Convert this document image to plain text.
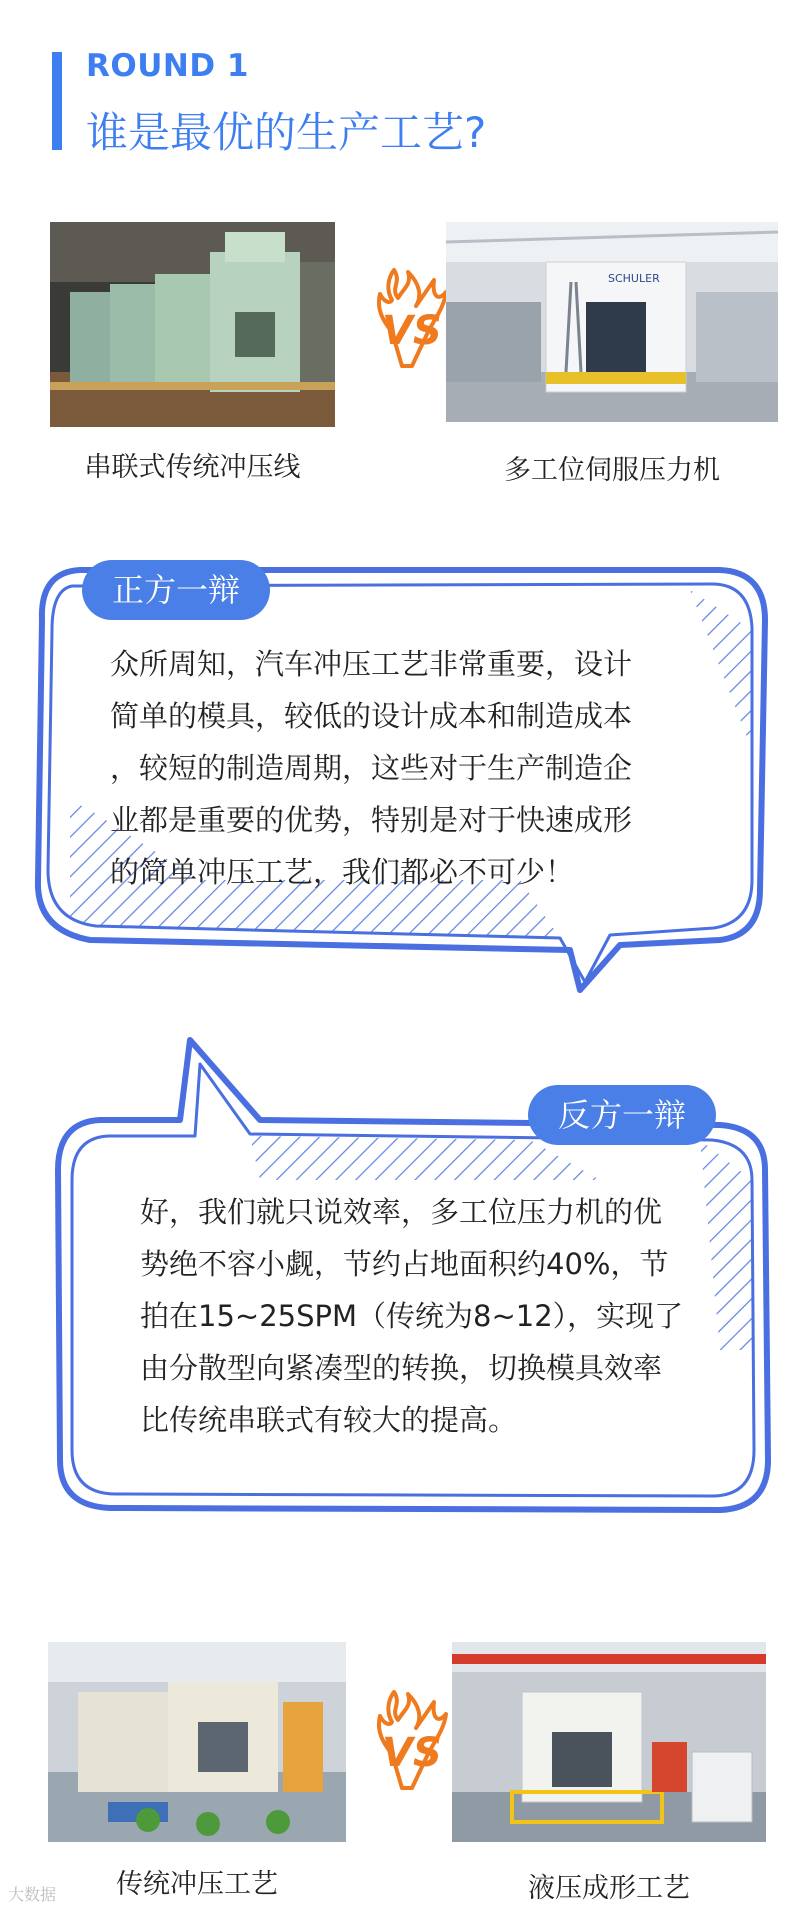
ROUND 1
谁是最优的生产工艺?
VS
SCHULER
串联式传统冲压线	多工位伺服压力机
正方一辩
众所周知，汽车冲压工艺非常重要，设计
简单的模具，较低的设计成本和制造成本
，较短的制造周期，这些对于生产制造企
业都是重要的优势，特别是对于快速成形
的简单冲压工艺，我们都必不可少！
反方一辩
好，我们就只说效率，多工位压力机的优
势绝不容小觑，节约占地面积约40%，节
拍在15~25SPM（传统为8~12），实现了
由分散型向紧凑型的转换，切换模具效率
比传统串联式有较大的提高。
VS
传统冲压工艺	液压成形工艺
大数据
